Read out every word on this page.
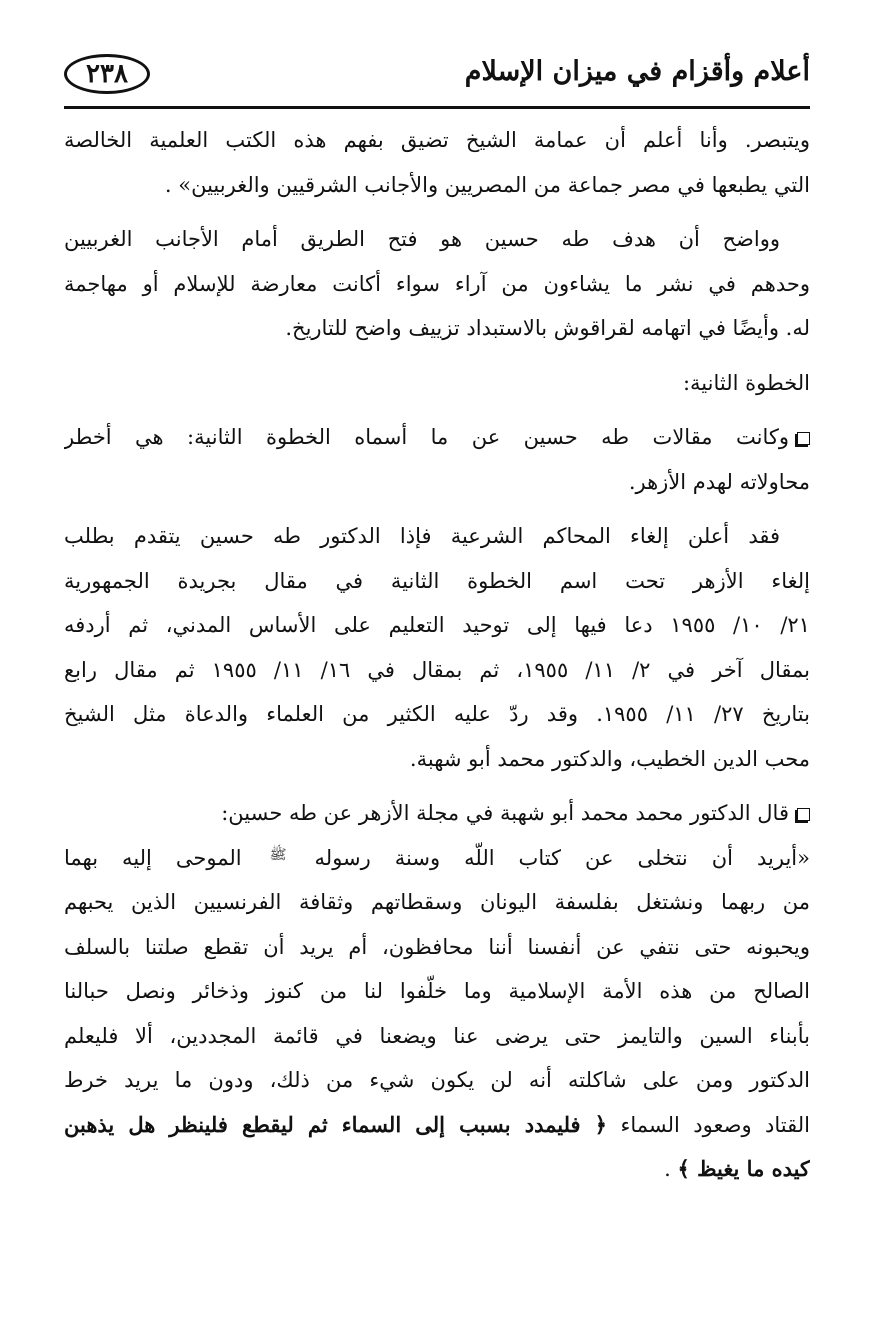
أعلام وأقزام في ميزان الإسلام
٢٣٨
ويتبصر. وأنا أعلم أن عمامة الشيخ تضيق بفهم هذه الكتب العلمية الخالصة
التي يطبعها في مصر جماعة من المصريين والأجانب الشرقيين والغربيين» .
وواضح أن هدف طه حسين هو فتح الطريق أمام الأجانب الغربيين
وحدهم في نشر ما يشاءون من آراء سواء أكانت معارضة للإسلام أو مهاجمة
له. وأيضًا في اتهامه لقراقوش بالاستبداد تزييف واضح للتاريخ.
الخطوة الثانية:
وكانت مقالات طه حسين عن ما أسماه الخطوة الثانية: هي أخطر
محاولاته لهدم الأزهر.
فقد أعلن إلغاء المحاكم الشرعية فإذا الدكتور طه حسين يتقدم بطلب
إلغاء الأزهر تحت اسم الخطوة الثانية في مقال بجريدة الجمهورية
٢١/ ١٠/ ١٩٥٥ دعا فيها إلى توحيد التعليم على الأساس المدني، ثم أردفه
بمقال آخر في ٢/ ١١/ ١٩٥٥، ثم بمقال في ١٦/ ١١/ ١٩٥٥ ثم مقال رابع
بتاريخ ٢٧/ ١١/ ١٩٥٥. وقد ردّ عليه الكثير من العلماء والدعاة مثل الشيخ
محب الدين الخطيب، والدكتور محمد أبو شهبة.
قال الدكتور محمد محمد أبو شهبة في مجلة الأزهر عن طه حسين:
«أيريد أن نتخلى عن كتاب اللّه وسنة رسوله ﷺ الموحى إليه بهما
من ربهما ونشتغل بفلسفة اليونان وسقطاتهم وثقافة الفرنسيين الذين يحبهم
ويحبونه حتى نتفي عن أنفسنا أننا محافظون، أم يريد أن تقطع صلتنا بالسلف
الصالح من هذه الأمة الإسلامية وما خلّفوا لنا من كنوز وذخائر ونصل حبالنا
بأبناء السين والتايمز حتى يرضى عنا ويضعنا في قائمة المجددين، ألا فليعلم
الدكتور ومن على شاكلته أنه لن يكون شيء من ذلك، ودون ما يريد خرط
القتاد وصعود السماء ﴿ فليمدد بسبب إلى السماء ثم ليقطع فلينظر هل يذهبن
كيده ما يغيظ ﴾ .
